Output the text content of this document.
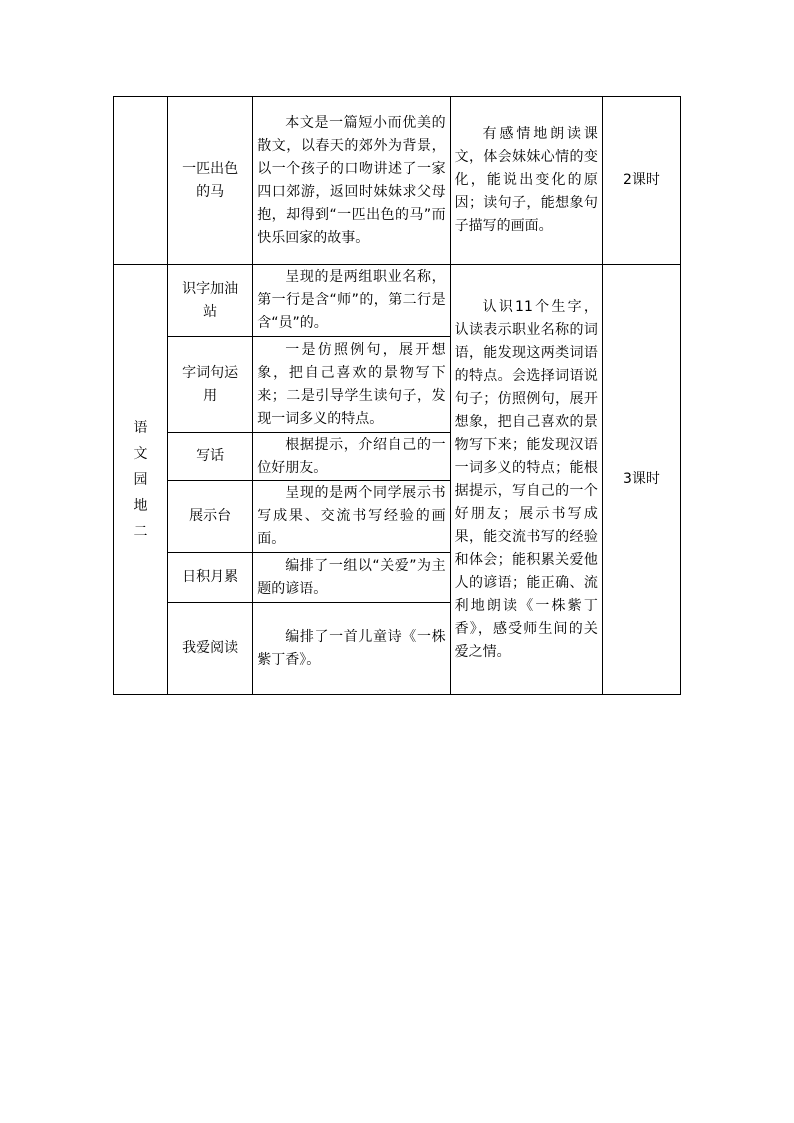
	一匹出色的马	本文是一篇短小而优美的散文，以春天的郊外为背景，以一个孩子的口吻讲述了一家四口郊游，返回时妹妹求父母抱，却得到“一匹出色的马”而快乐回家的故事。	有感情地朗读课文，体会妹妹心情的变化，能说出变化的原因；读句子，能想象句子描写的画面。	2课时

语文园地二	识字加油站	呈现的是两组职业名称，第一行是含“师”的，第二行是含“员”的。	认识11个生字，认读表示职业名称的词语，能发现这两类词语的特点。会选择词语说句子；仿照例句，展开想象，把自己喜欢的景物写下来；能发现汉语一词多义的特点；能根据提示，写自己的一个好朋友；展示书写成果，能交流书写的经验和体会；能积累关爱他人的谚语；能正确、流利地朗读《一株紫丁香》，感受师生间的关爱之情。	3课时

	字词句运用	一是仿照例句，展开想象，把自己喜欢的景物写下来；二是引导学生读句子，发现一词多义的特点。		

	写话	根据提示，介绍自己的一位好朋友。		

	展示台	呈现的是两个同学展示书写成果、交流书写经验的画面。		

	日积月累	编排了一组以“关爱”为主题的谚语。		

	我爱阅读	编排了一首儿童诗《一株紫丁香》。		
